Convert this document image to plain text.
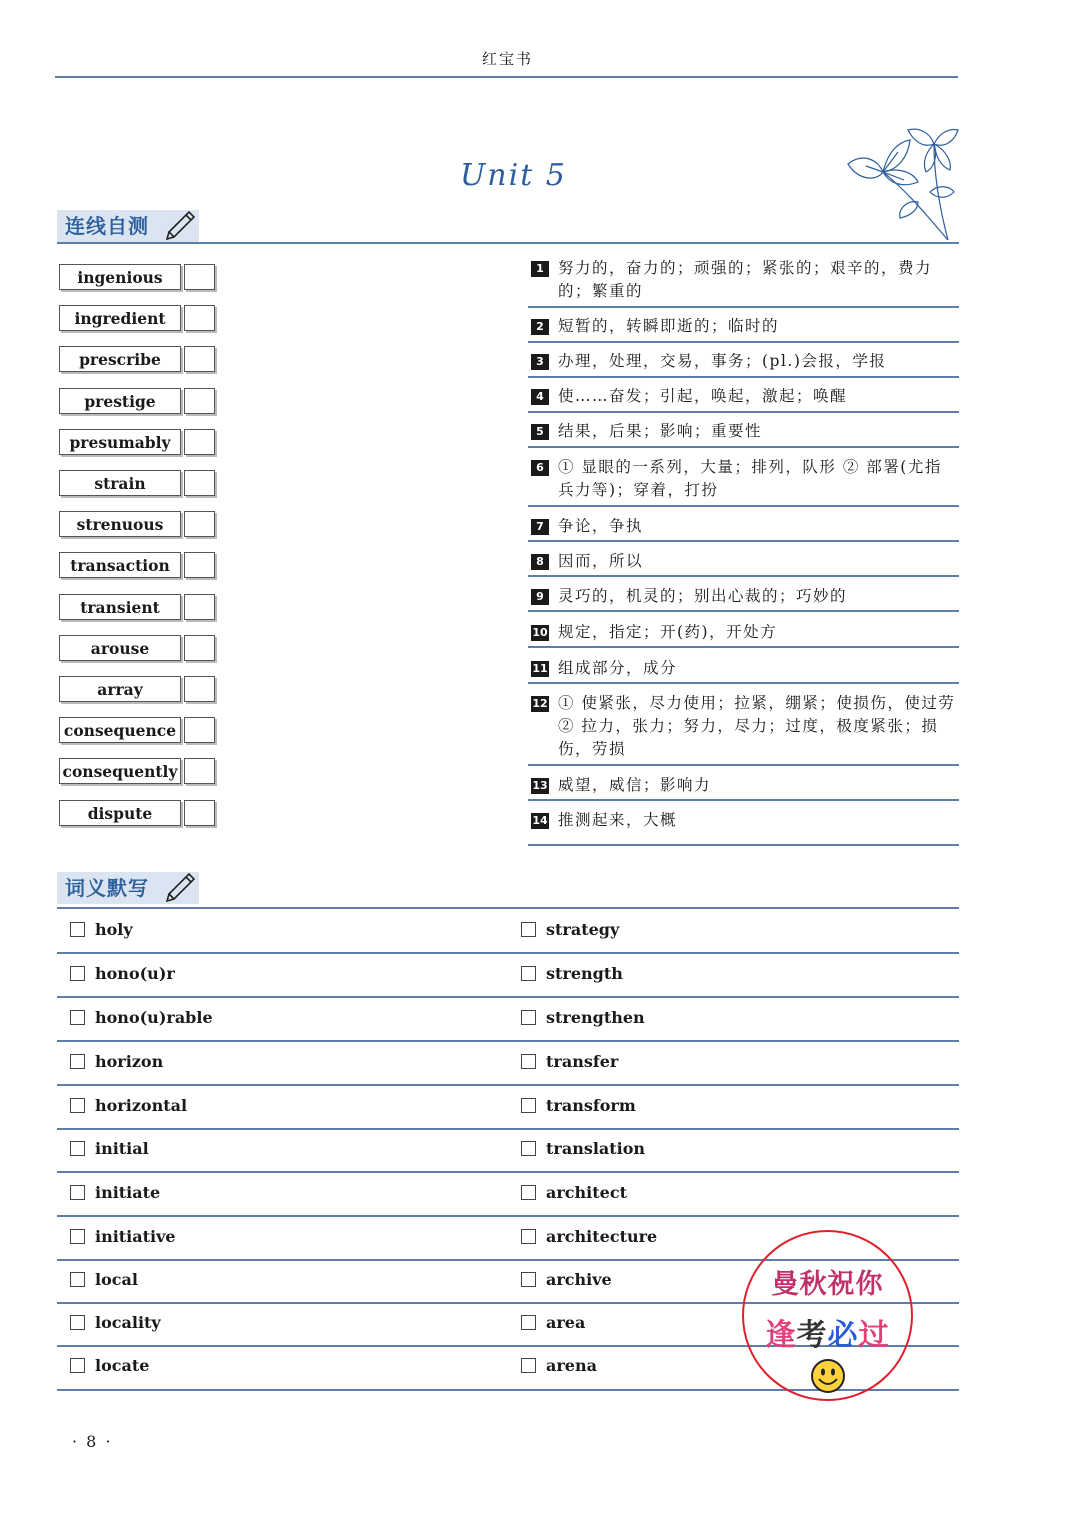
红宝书
Unit 5
连线自测
ingenious
ingredient
prescribe
prestige
presumably
strain
strenuous
transaction
transient
arouse
array
consequence
consequently
dispute
1 努力的，奋力的；顽强的；紧张的；艰辛的，费力的；繁重的
2 短暂的，转瞬即逝的；临时的
3 办理，处理，交易，事务；(pl.)会报，学报
4 使……奋发；引起，唤起，激起；唤醒
5 结果，后果；影响；重要性
6 ① 显眼的一系列，大量；排列，队形 ② 部署(尤指兵力等)；穿着，打扮
7 争论，争执
8 因而，所以
9 灵巧的，机灵的；别出心裁的；巧妙的
10 规定，指定；开(药)，开处方
11 组成部分，成分
12 ① 使紧张，尽力使用；拉紧，绷紧；使损伤，使过劳 ② 拉力，张力；努力，尽力；过度，极度紧张；损伤，劳损
13 威望，威信；影响力
14 推测起来，大概
词义默写
holy
hono(u)r
hono(u)rable
horizon
horizontal
initial
initiate
initiative
local
locality
locate
strategy
strength
strengthen
transfer
transform
translation
architect
architecture
archive
area
arena
曼秋祝你
逢考必过
· 8 ·
